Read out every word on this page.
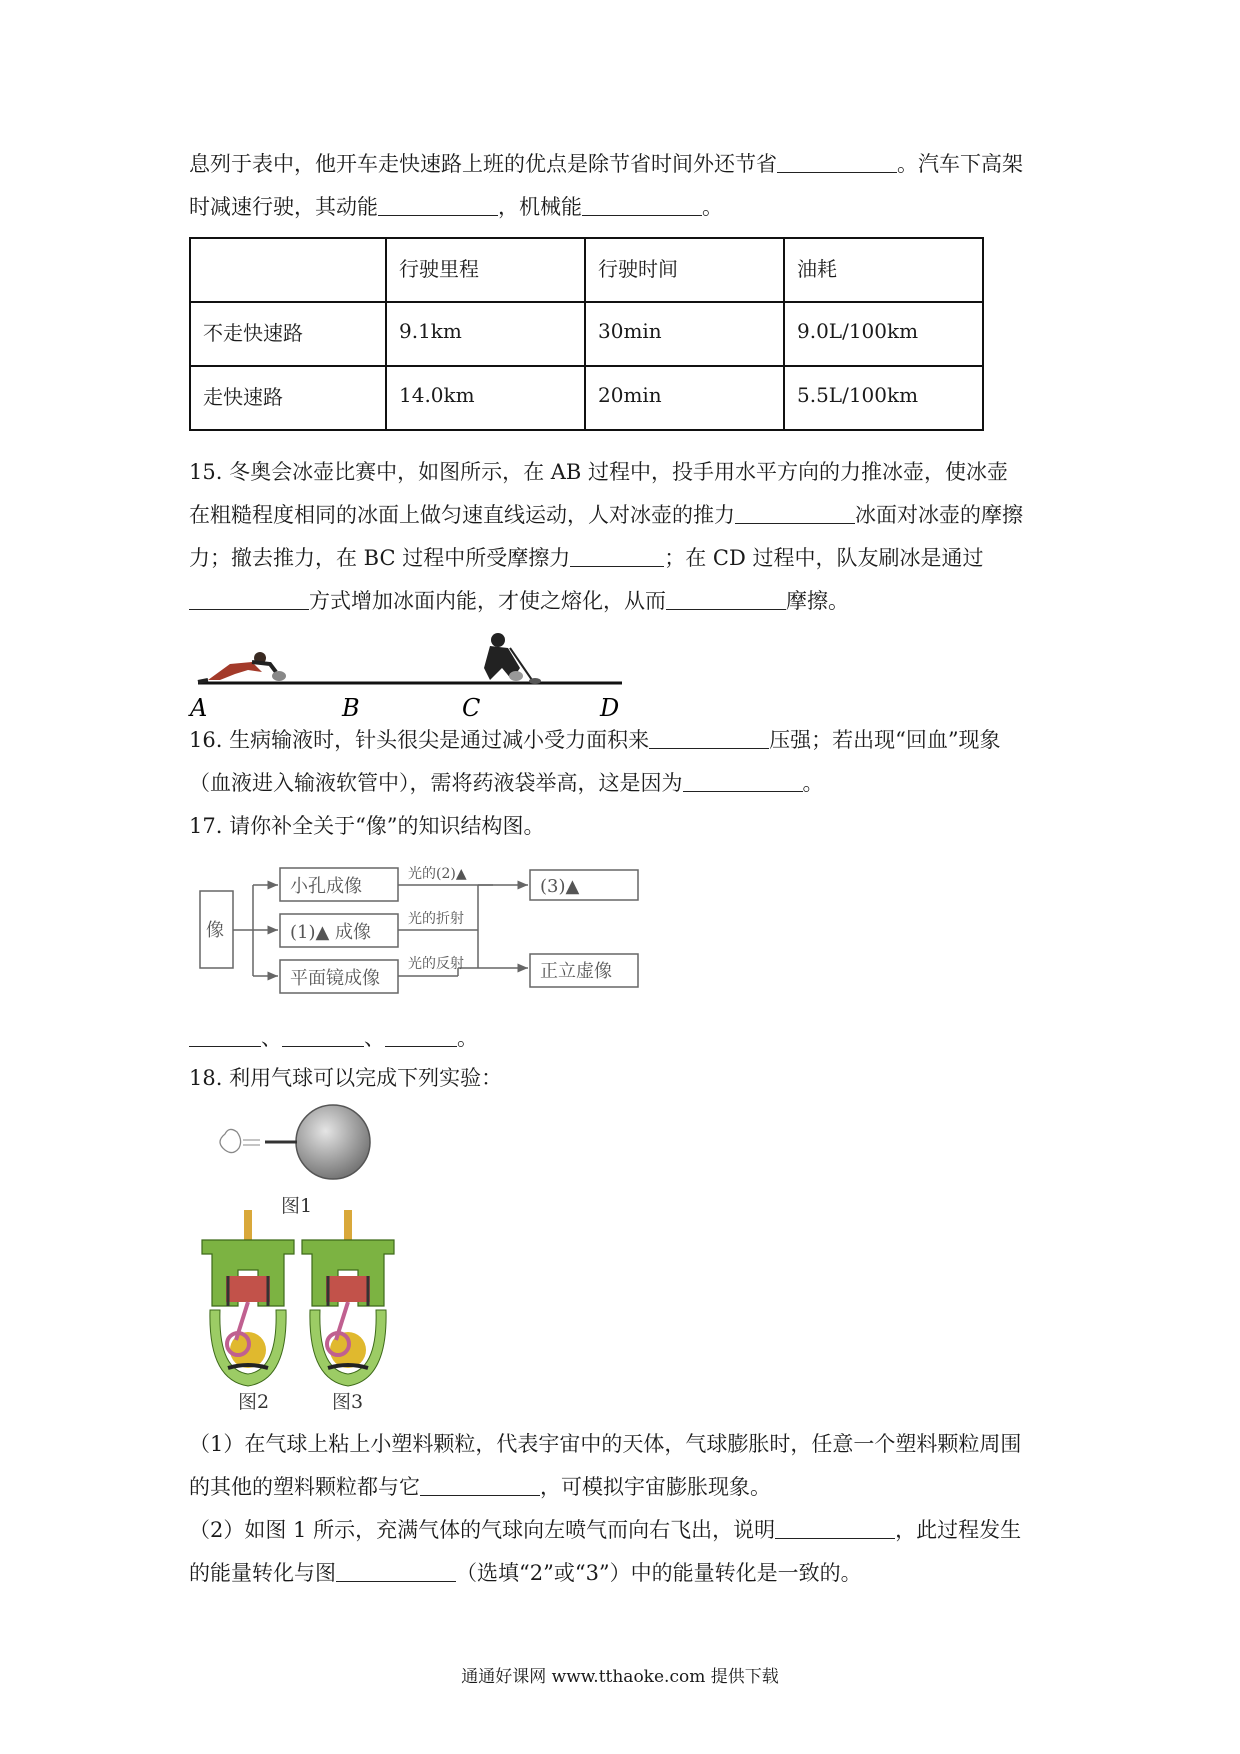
息列于表中，他开车走快速路上班的优点是除节省时间外还节省	。汽车下高架
时减速行驶，其动能	，机械能	。
	行驶里程	行驶时间	油耗
不走快速路	9.1km	30min	9.0L/100km
走快速路	14.0km	20min	5.5L/100km
15. 冬奥会冰壶比赛中，如图所示，在 AB 过程中，投手用水平方向的力推冰壶，使冰壶
在粗糙程度相同的冰面上做匀速直线运动，人对冰壶的推力	冰面对冰壶的摩擦
力；撤去推力，在 BC 过程中所受摩擦力	；在 CD 过程中，队友刷冰是通过
方式增加冰面内能，才使之熔化，从而	摩擦。
A	B	C	D
16. 生病输液时，针头很尖是通过减小受力面积来	压强；若出现“回血”现象
（血液进入输液软管中），需将药液袋举高，这是因为	。
17. 请你补全关于“像”的知识结构图。
像
小孔成像
(1)▲ 成像
平面镜成像
光的(2)▲
光的折射
光的反射
(3)▲
正立虚像
、	、	。
18. 利用气球可以完成下列实验：
图1
图2	图3
（1）在气球上粘上小塑料颗粒，代表宇宙中的天体，气球膨胀时，任意一个塑料颗粒周围
的其他的塑料颗粒都与它	，可模拟宇宙膨胀现象。
（2）如图 1 所示，充满气体的气球向左喷气而向右飞出，说明	，此过程发生
的能量转化与图	（选填“2”或“3”）中的能量转化是一致的。
通通好课网 www.tthaoke.com 提供下载
